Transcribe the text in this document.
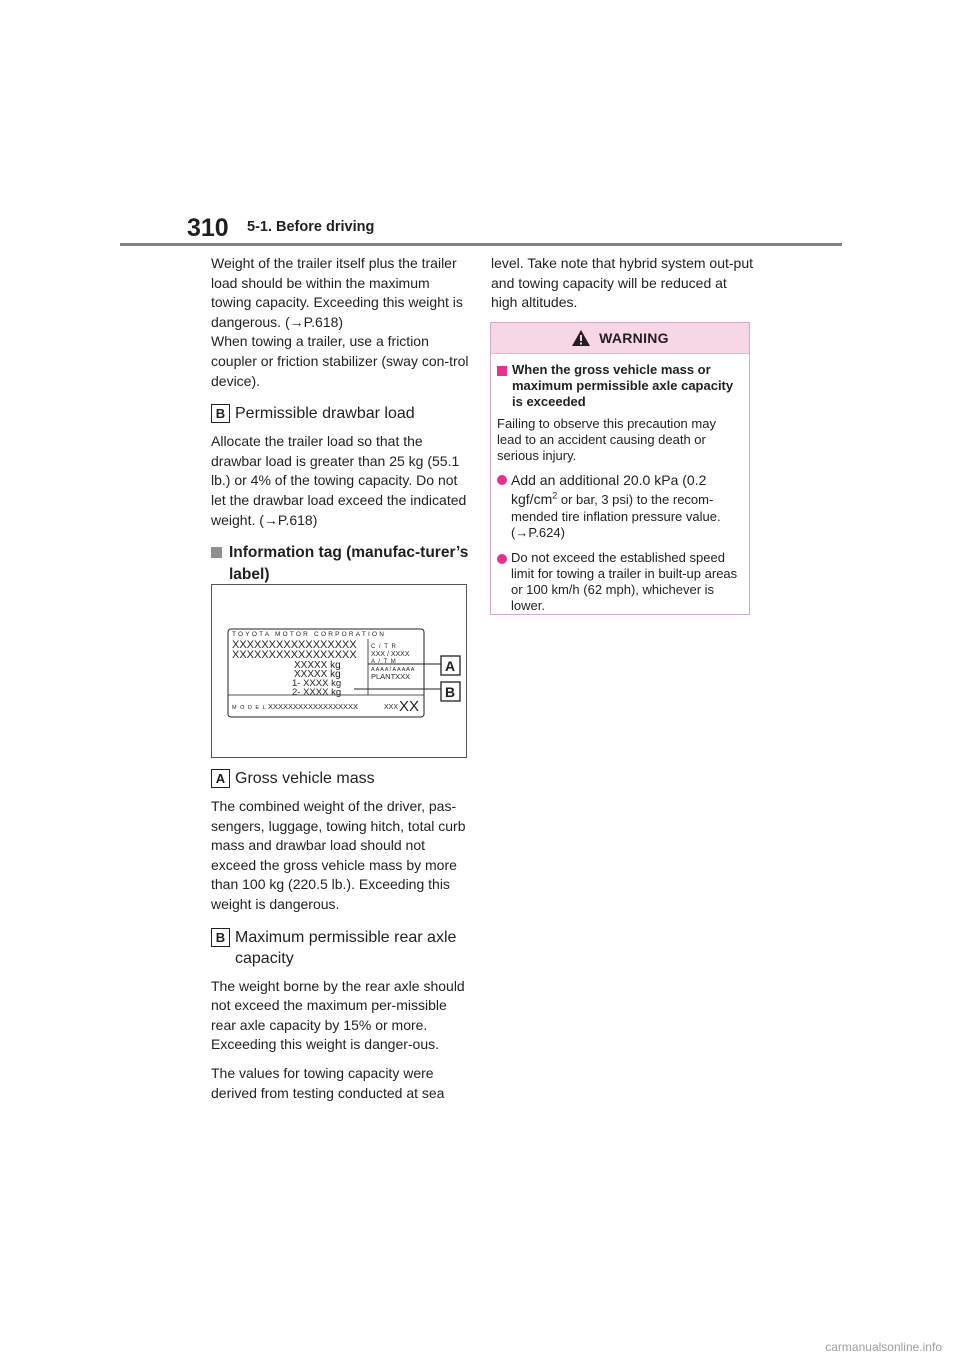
310 5-1. Before driving

Weight of the trailer itself plus the trailer load should be within the maximum towing capacity. Exceeding this weight is dangerous. (→P.618)

When towing a trailer, use a friction coupler or friction stabilizer (sway con-trol device).

B Permissible drawbar load

Allocate the trailer load so that the drawbar load is greater than 25 kg (55.1 lb.) or 4% of the towing capacity. Do not let the drawbar load exceed the indicated weight. (→P.618)

Information tag (manufac-turer’s label)
TOYOTA MOTOR CORPORATION
XXXXXXXXXXXXXXXXX
XXXXXXXXXXXXXXXXX
XXXXX kg
XXXXX kg
1- XXXX kg
2- XXXX kg
C / T R
XXX / XXXX
A / T M
A A A A / A A A A A
PLANTXXX
M O D E L XXXXXXXXXXXXXXXXXX	XXX XX
A
B
A Gross vehicle mass

The combined weight of the driver, pas-sengers, luggage, towing hitch, total curb mass and drawbar load should not exceed the gross vehicle mass by more than 100 kg (220.5 lb.). Exceeding this weight is dangerous.

B Maximum permissible rear axle capacity

The weight borne by the rear axle should not exceed the maximum per-missible rear axle capacity by 15% or more. Exceeding this weight is danger-ous.

The values for towing capacity were derived from testing conducted at sea

level. Take note that hybrid system out-put and towing capacity will be reduced at high altitudes.

WARNING
When the gross vehicle mass or maximum permissible axle capacity is exceeded

Failing to observe this precaution may lead to an accident causing death or serious injury.

Add an additional 20.0 kPa (0.2 kgf/$cm^2$ or bar, 3 psi) to the recom-mended tire inflation pressure value. (→P.624)
Do not exceed the established speed limit for towing a trailer in built-up areas or 100 km/h (62 mph), whichever is lower.
carmanualsonline.info
